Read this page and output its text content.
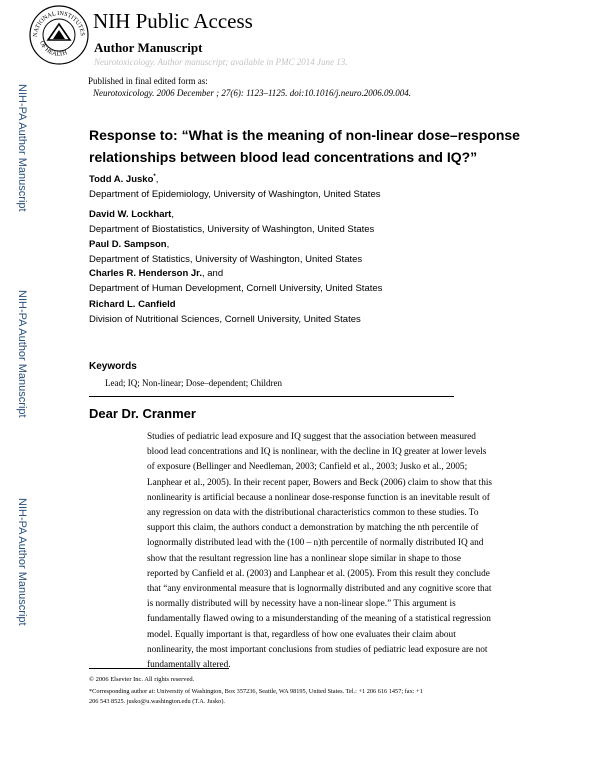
NATIONAL INSTITUTES
OF HEALTH
NIH Public Access
Author Manuscript
Neurotoxicology. Author manuscript; available in PMC 2014 June 13.
NIH-PA Author Manuscript
NIH-PA Author Manuscript
NIH-PA Author Manuscript
Published in final edited form as:
Neurotoxicology. 2006 December ; 27(6): 1123–1125. doi:10.1016/j.neuro.2006.09.004.
Response to: “What is the meaning of non-linear dose–response relationships between blood lead concentrations and IQ?”
Todd A. Jusko*,
Department of Epidemiology, University of Washington, United States
David W. Lockhart,
Department of Biostatistics, University of Washington, United States
Paul D. Sampson,
Department of Statistics, University of Washington, United States
Charles R. Henderson Jr., and
Department of Human Development, Cornell University, United States
Richard L. Canfield
Division of Nutritional Sciences, Cornell University, United States
Keywords
Lead; IQ; Non-linear; Dose–dependent; Children
Dear Dr. Cranmer
Studies of pediatric lead exposure and IQ suggest that the association between measured
blood lead concentrations and IQ is nonlinear, with the decline in IQ greater at lower levels
of exposure (Bellinger and Needleman, 2003; Canfield et al., 2003; Jusko et al., 2005;
Lanphear et al., 2005). In their recent paper, Bowers and Beck (2006) claim to show that this
nonlinearity is artificial because a nonlinear dose-response function is an inevitable result of
any regression on data with the distributional characteristics common to these studies. To
support this claim, the authors conduct a demonstration by matching the nth percentile of
lognormally distributed lead with the (100 – n)th percentile of normally distributed IQ and
show that the resultant regression line has a nonlinear slope similar in shape to those
reported by Canfield et al. (2003) and Lanphear et al. (2005). From this result they conclude
that “any environmental measure that is lognormally distributed and any cognitive score that
is normally distributed will by necessity have a non-linear slope.” This argument is
fundamentally flawed owing to a misunderstanding of the meaning of a statistical regression
model. Equally important is that, regardless of how one evaluates their claim about
nonlinearity, the most important conclusions from studies of pediatric lead exposure are not
fundamentally altered.
© 2006 Elsevier Inc. All rights reserved.
*Corresponding author at: University of Washington, Box 357236, Seattle, WA 98195, United States. Tel.: +1 206 616 1457; fax: +1
206 543 8525. jusko@u.washington.edu (T.A. Jusko).
